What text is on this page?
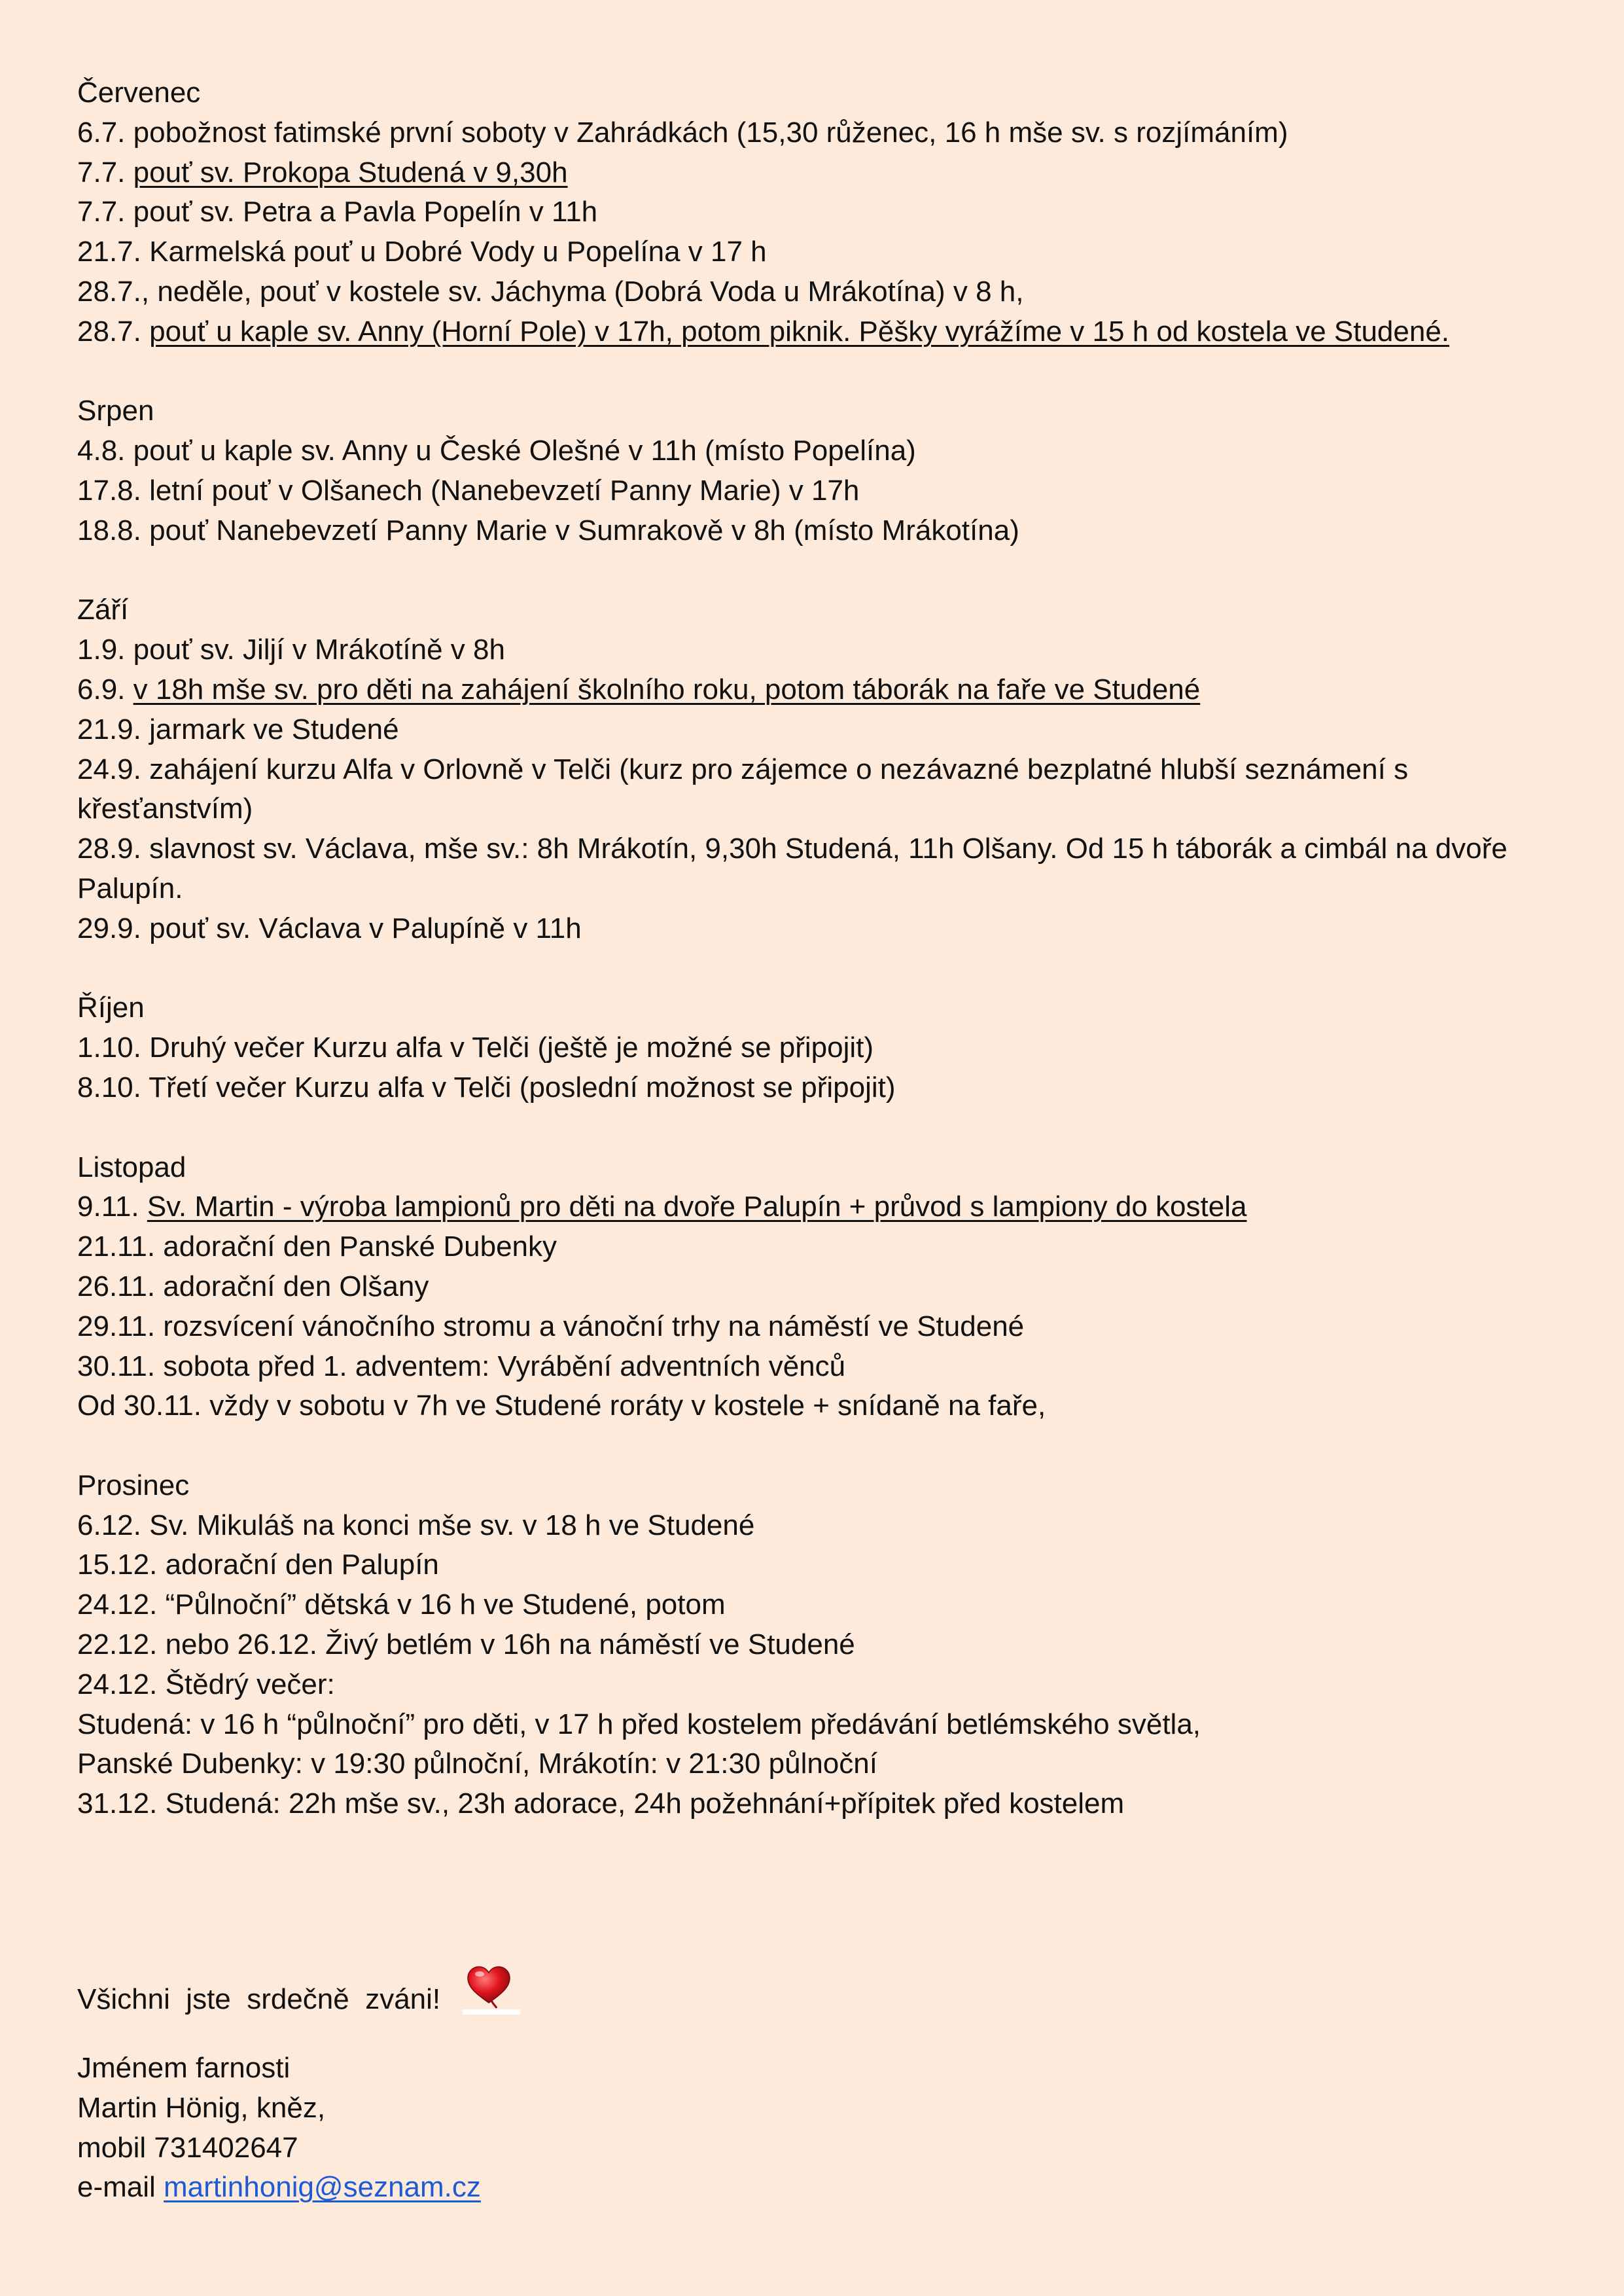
Červenec
6.7. pobožnost fatimské první soboty v Zahrádkách (15,30 růženec, 16 h mše sv. s rozjímáním)
7.7. pouť sv. Prokopa Studená v 9,30h
7.7. pouť sv. Petra a Pavla Popelín v 11h
21.7. Karmelská pouť u Dobré Vody u Popelína v 17 h
28.7., neděle, pouť v kostele sv. Jáchyma (Dobrá Voda u Mrákotína) v 8 h,
28.7. pouť u kaple sv. Anny (Horní Pole) v 17h, potom piknik. Pěšky vyrážíme v 15 h od kostela ve Studené.
Srpen
4.8. pouť u kaple sv. Anny u České Olešné v 11h (místo Popelína)
17.8. letní pouť v Olšanech (Nanebevzetí Panny Marie) v 17h
18.8. pouť Nanebevzetí Panny Marie v Sumrakově v 8h (místo Mrákotína)
Září
1.9. pouť sv. Jiljí v Mrákotíně v 8h
6.9. v 18h mše sv. pro děti na zahájení školního roku, potom táborák na faře ve Studené
21.9. jarmark ve Studené
24.9. zahájení kurzu Alfa v Orlovně v Telči (kurz pro zájemce o nezávazné bezplatné hlubší seznámení s křesťanstvím)
28.9. slavnost sv. Václava, mše sv.: 8h Mrákotín, 9,30h Studená, 11h Olšany. Od 15 h táborák a cimbál na dvoře Palupín.
29.9. pouť sv. Václava v Palupíně v 11h
Říjen
1.10. Druhý večer Kurzu alfa v Telči (ještě je možné se připojit)
8.10. Třetí večer Kurzu alfa v Telči (poslední možnost se připojit)
Listopad
9.11. Sv. Martin - výroba lampionů pro děti na dvoře Palupín + průvod s lampiony do kostela
21.11. adorační den Panské Dubenky
26.11. adorační den Olšany
29.11. rozsvícení vánočního stromu a vánoční trhy na náměstí ve Studené
30.11. sobota před 1. adventem: Vyrábění adventních věnců
Od 30.11. vždy v sobotu v 7h ve Studené roráty v kostele + snídaně na faře,
Prosinec
6.12. Sv. Mikuláš na konci mše sv. v 18 h ve Studené
15.12. adorační den Palupín
24.12. “Půlnoční” dětská v 16 h ve Studené, potom
22.12. nebo 26.12. Živý betlém v 16h na náměstí ve Studené
24.12. Štědrý večer:
Studená: v 16 h “půlnoční” pro děti, v 17 h před kostelem předávání betlémského světla,
Panské Dubenky: v 19:30 půlnoční, Mrákotín: v 21:30 půlnoční
31.12. Studená: 22h mše sv., 23h adorace, 24h požehnání+přípitek před kostelem
Všichni  jste  srdečně  zváni!
Jménem farnosti
Martin Hönig, kněz,
mobil 731402647
e-mail martinhonig@seznam.cz
